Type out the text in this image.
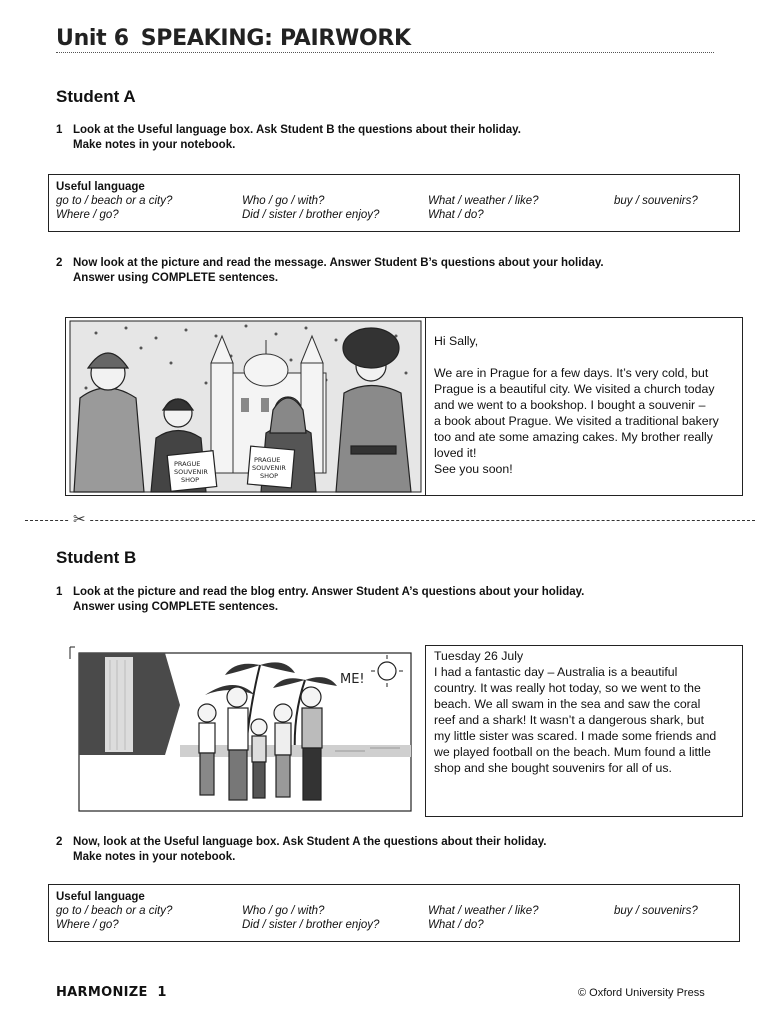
Unit 6 SPEAKING: PAIRWORK
Student A
1 Look at the Useful language box. Ask Student B the questions about their holiday.
Make notes in your notebook.
Useful language
go to / beach or a city?	Who / go / with?	What / weather / like?	buy / souvenirs?
Where / go?	Did / sister / brother enjoy?	What / do?
2 Now look at the picture and read the message. Answer Student B’s questions about your holiday.
Answer using COMPLETE sentences.
PRAGUE
SOUVENIR
SHOP
PRAGUE
SOUVENIR
SHOP
Hi Sally,
We are in Prague for a few days. It’s very cold, but
Prague is a beautiful city. We visited a church today
and we went to a bookshop. I bought a souvenir –
a book about Prague. We visited a traditional bakery
too and ate some amazing cakes. My brother really
loved it!
See you soon!
✂
Student B
1 Look at the picture and read the blog entry. Answer Student A’s questions about your holiday.
Answer using COMPLETE sentences.
ME!
Tuesday 26 July
I had a fantastic day – Australia is a beautiful
country. It was really hot today, so we went to the
beach. We all swam in the sea and saw the coral
reef and a shark! It wasn’t a dangerous shark, but
my little sister was scared. I made some friends and
we played football on the beach. Mum found a little
shop and she bought souvenirs for all of us.
2 Now, look at the Useful language box. Ask Student A the questions about their holiday.
Make notes in your notebook.
Useful language
go to / beach or a city?	Who / go / with?	What / weather / like?	buy / souvenirs?
Where / go?	Did / sister / brother enjoy?	What / do?
HARMONIZE  1	© Oxford University Press
